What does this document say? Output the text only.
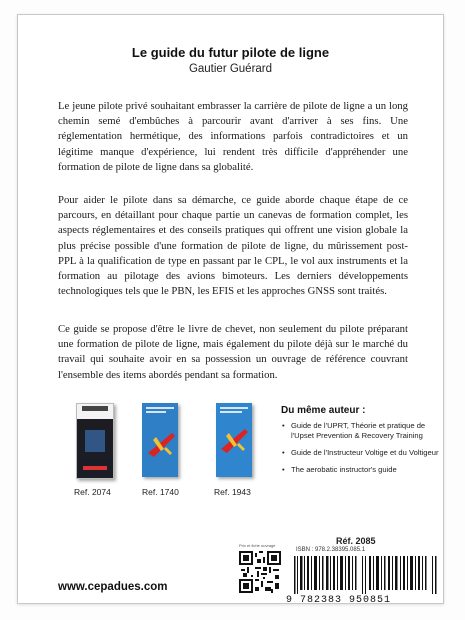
Le guide du futur pilote de ligne
Gautier Guérard

Le jeune pilote privé souhaitant embrasser la carrière de pilote de ligne a un long chemin semé d'embûches à parcourir avant d'arriver à ses fins. Une réglementation hermétique, des informations parfois contradictoires et un légitime manque d'expérience, lui rendent très difficile d'appréhender une formation de pilote de ligne dans sa globalité.

Pour aider le pilote dans sa démarche, ce guide aborde chaque étape de ce parcours, en détaillant pour chaque partie un canevas de formation complet, les aspects réglementaires et des conseils pratiques qui offrent une vision globale la plus précise possible d'une formation de pilote de ligne, du mûrissement post-PPL à la qualification de type en passant par le CPL, le vol aux instruments et la formation au pilotage des avions bimoteurs. Les derniers développements technologiques tels que le PBN, les EFIS et les approches GNSS sont traités.

Ce guide se propose d'être le livre de chevet, non seulement du pilote préparant une formation de pilote de ligne, mais également du pilote déjà sur le marché du travail qui souhaite avoir en sa possession un ouvrage de référence couvrant l'ensemble des items abordés pendant sa formation.

Ref. 2074	Ref. 1740	Ref. 1943
Du même auteur :
• Guide de l'UPRT, Théorie et pratique de l'Upset Prevention & Recovery Training
• Guide de l'Instructeur Voltige et du Voltigeur
• The aerobatic instructor's guide
Prix et fiche ouvrage	Réf. 2085
ISBN : 978.2.38395.085.1
9 782383 950851
www.cepadues.com
